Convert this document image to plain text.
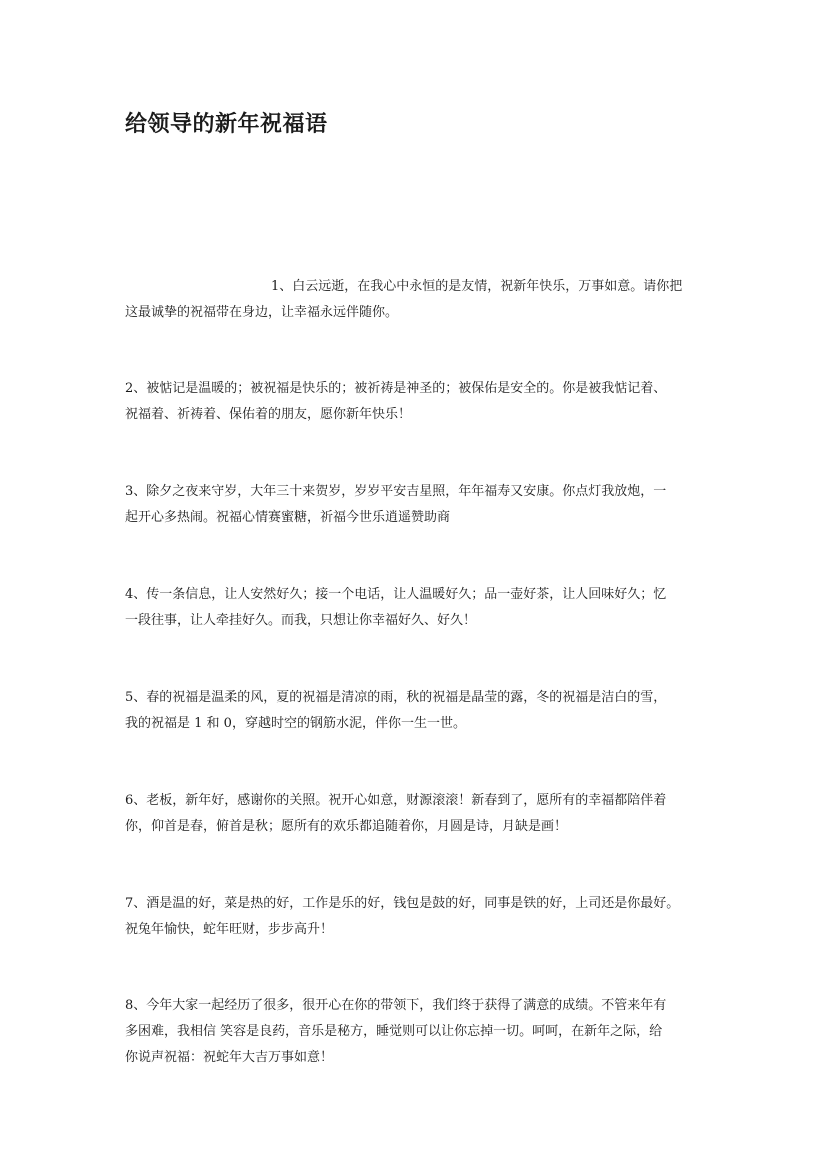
给领导的新年祝福语
1、白云远逝，在我心中永恒的是友情，祝新年快乐，万事如意。请你把
这最诚挚的祝福带在身边，让幸福永远伴随你。
2、被惦记是温暖的；被祝福是快乐的；被祈祷是神圣的；被保佑是安全的。你是被我惦记着、
祝福着、祈祷着、保佑着的朋友，愿你新年快乐！
3、除夕之夜来守岁，大年三十来贺岁，岁岁平安吉星照，年年福寿又安康。你点灯我放炮，一
起开心多热闹。祝福心情赛蜜糖，祈福今世乐逍遥赞助商
4、传一条信息，让人安然好久；接一个电话，让人温暖好久；品一壶好茶，让人回味好久；忆
一段往事，让人牵挂好久。而我，只想让你幸福好久、好久！
5、春的祝福是温柔的风，夏的祝福是清凉的雨，秋的祝福是晶莹的露，冬的祝福是洁白的雪，
我的祝福是 1 和 0，穿越时空的钢筋水泥，伴你一生一世。
6、老板，新年好，感谢你的关照。祝开心如意，财源滚滚！新春到了，愿所有的幸福都陪伴着
你，仰首是春，俯首是秋；愿所有的欢乐都追随着你，月圆是诗，月缺是画！
7、酒是温的好，菜是热的好，工作是乐的好，钱包是鼓的好，同事是铁的好，上司还是你最好。
祝兔年愉快，蛇年旺财，步步高升！
8、今年大家一起经历了很多，很开心在你的带领下，我们终于获得了满意的成绩。不管来年有
多困难，我相信 笑容是良药，音乐是秘方，睡觉则可以让你忘掉一切。呵呵，在新年之际，给
你说声祝福：祝蛇年大吉万事如意！
